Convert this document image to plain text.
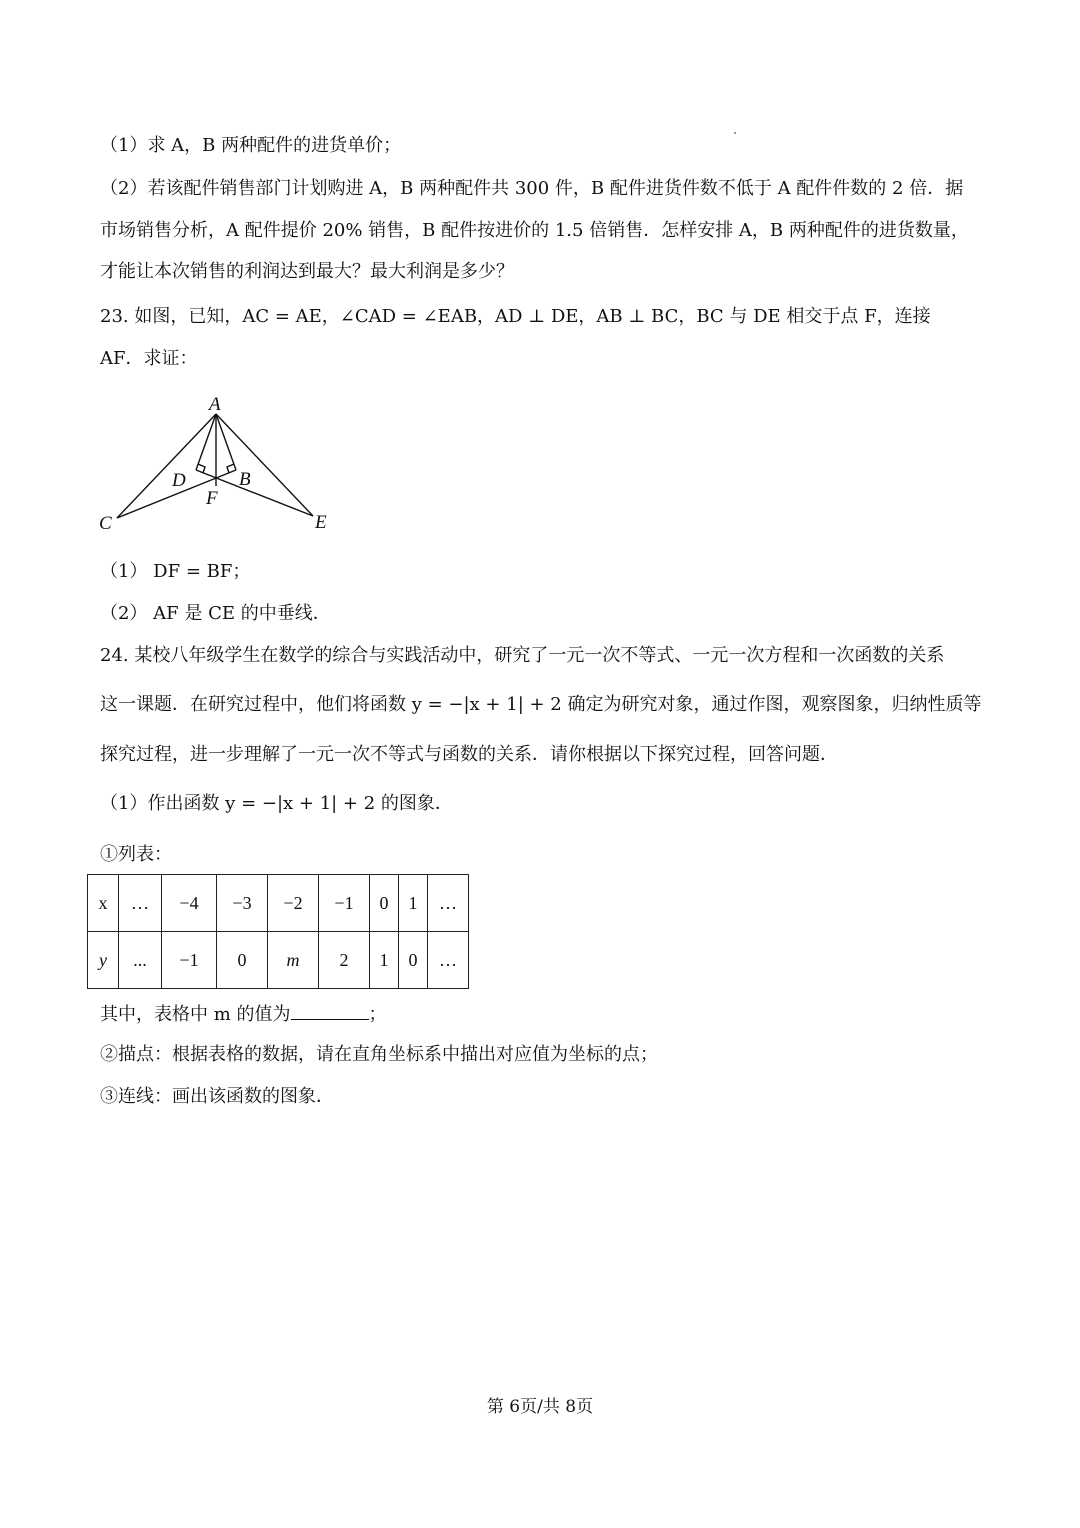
（1）求 A，B 两种配件的进货单价；
（2）若该配件销售部门计划购进 A，B 两种配件共 300 件，B 配件进货件数不低于 A 配件件数的 2 倍．据
市场销售分析，A 配件提价 20% 销售，B 配件按进价的 1.5 倍销售．怎样安排 A，B 两种配件的进货数量，
才能让本次销售的利润达到最大？最大利润是多少？
23. 如图，已知，AC = AE，∠CAD = ∠EAB，AD ⊥ DE，AB ⊥ BC，BC 与 DE 相交于点 F，连接
AF．求证：
A
D	B
F
C	E
（1） DF = BF；
（2） AF 是 CE 的中垂线．
24. 某校八年级学生在数学的综合与实践活动中，研究了一元一次不等式、一元一次方程和一次函数的关系
这一课题．在研究过程中，他们将函数 y = −|x + 1| + 2 确定为研究对象，通过作图，观察图象，归纳性质等
探究过程，进一步理解了一元一次不等式与函数的关系．请你根据以下探究过程，回答问题．
（1）作出函数 y = −|x + 1| + 2 的图象．
①列表：
x	…	−4	−3	−2	−1	0	1	…
y	...	−1	0	m	2	1	0	…
其中，表格中 m 的值为	；
②描点：根据表格的数据，请在直角坐标系中描出对应值为坐标的点；
③连线：画出该函数的图象．
第 6页/共 8页
